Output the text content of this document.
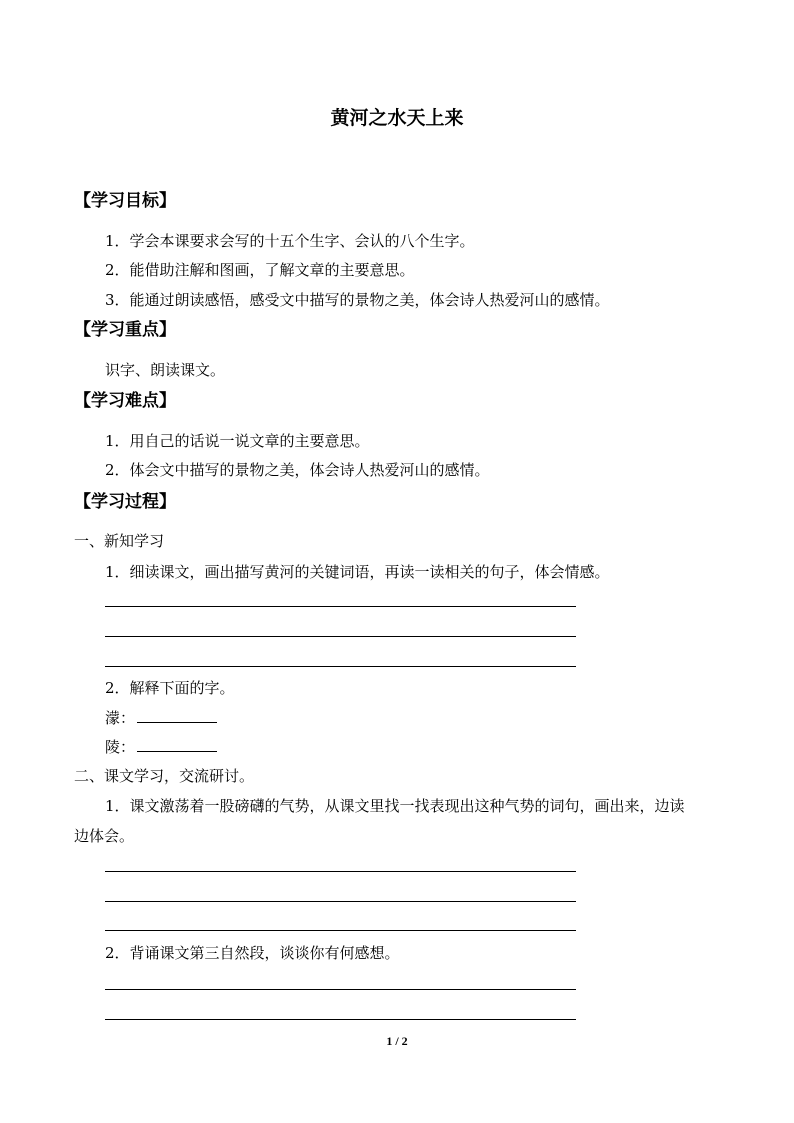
黄河之水天上来
【学习目标】
1．学会本课要求会写的十五个生字、会认的八个生字。
2．能借助注解和图画，了解文章的主要意思。
3．能通过朗读感悟，感受文中描写的景物之美，体会诗人热爱河山的感情。
【学习重点】
识字、朗读课文。
【学习难点】
1．用自己的话说一说文章的主要意思。
2．体会文中描写的景物之美，体会诗人热爱河山的感情。
【学习过程】
一、新知学习
1．细读课文，画出描写黄河的关键词语，再读一读相关的句子，体会情感。
2．解释下面的字。
濛：
陵：
二、课文学习，交流研讨。
1．课文激荡着一股磅礴的气势，从课文里找一找表现出这种气势的词句，画出来，边读
边体会。
2．背诵课文第三自然段，谈谈你有何感想。
1 / 2
